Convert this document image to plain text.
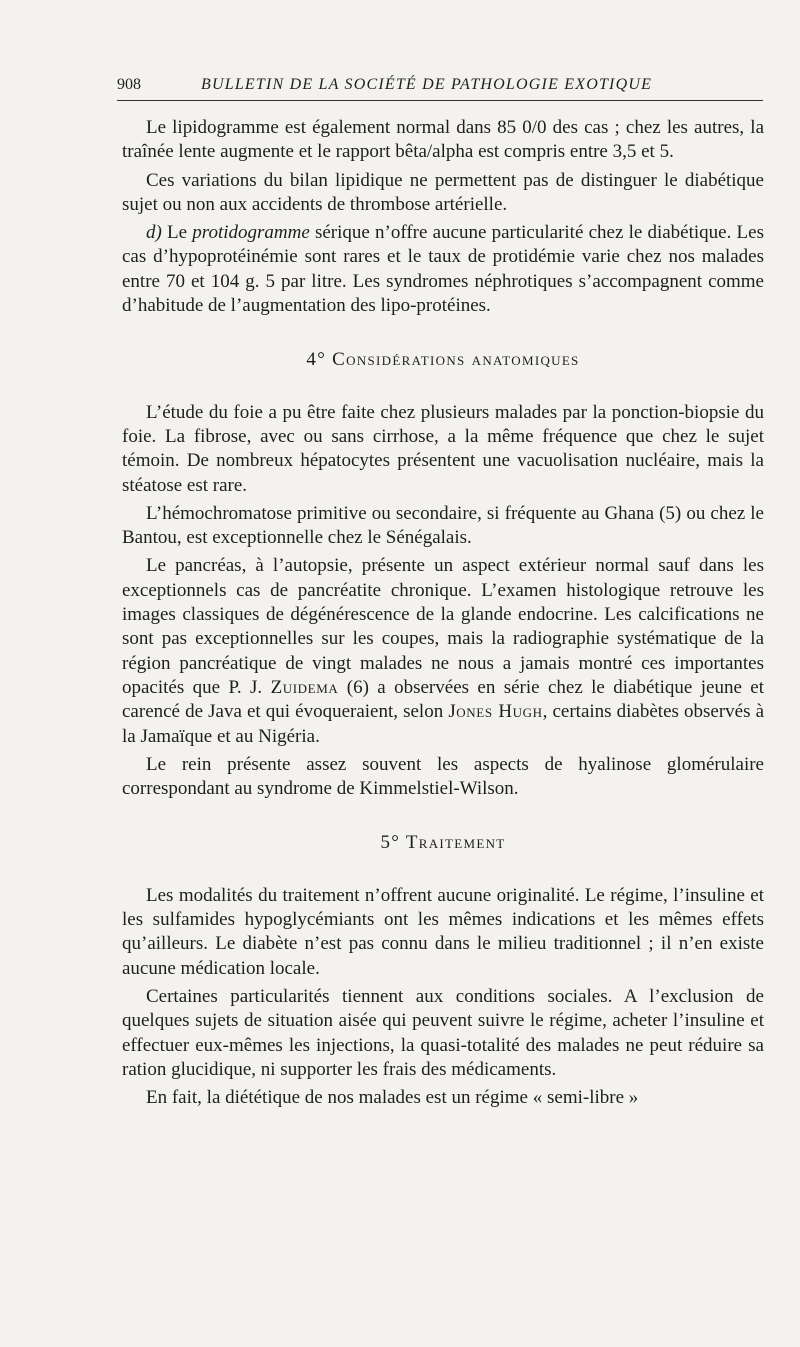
908	BULLETIN DE LA SOCIÉTÉ DE PATHOLOGIE EXOTIQUE

Le lipidogramme est également normal dans 85 0/0 des cas ; chez les autres, la traînée lente augmente et le rapport bêta/alpha est compris entre 3,5 et 5.

Ces variations du bilan lipidique ne permettent pas de distinguer le diabétique sujet ou non aux accidents de thrombose artérielle.

d) Le protidogramme sérique n’offre aucune particularité chez le diabétique. Les cas d’hypoprotéinémie sont rares et le taux de protidémie varie chez nos malades entre 70 et 104 g. 5 par litre. Les syndromes néphrotiques s’accompagnent comme d’habitude de l’augmentation des lipo-protéines.

4° Considérations anatomiques

L’étude du foie a pu être faite chez plusieurs malades par la ponction-biopsie du foie. La fibrose, avec ou sans cirrhose, a la même fréquence que chez le sujet témoin. De nombreux hépatocytes présentent une vacuolisation nucléaire, mais la stéatose est rare.

L’hémochromatose primitive ou secondaire, si fréquente au Ghana (5) ou chez le Bantou, est exceptionnelle chez le Sénégalais.

Le pancréas, à l’autopsie, présente un aspect extérieur normal sauf dans les exceptionnels cas de pancréatite chronique. L’examen histologique retrouve les images classiques de dégénérescence de la glande endocrine. Les calcifications ne sont pas exceptionnelles sur les coupes, mais la radiographie systématique de la région pancréatique de vingt malades ne nous a jamais montré ces importantes opacités que P. J. Zuidema (6) a observées en série chez le diabétique jeune et carencé de Java et qui évoqueraient, selon Jones Hugh, certains diabètes observés à la Jamaïque et au Nigéria.

Le rein présente assez souvent les aspects de hyalinose glomérulaire correspondant au syndrome de Kimmelstiel-Wilson.

5° Traitement

Les modalités du traitement n’offrent aucune originalité. Le régime, l’insuline et les sulfamides hypoglycémiants ont les mêmes indications et les mêmes effets qu’ailleurs. Le diabète n’est pas connu dans le milieu traditionnel ; il n’en existe aucune médication locale.

Certaines particularités tiennent aux conditions sociales. A l’exclusion de quelques sujets de situation aisée qui peuvent suivre le régime, acheter l’insuline et effectuer eux-mêmes les injections, la quasi-totalité des malades ne peut réduire sa ration glucidique, ni supporter les frais des médicaments.

En fait, la diététique de nos malades est un régime « semi-libre »
